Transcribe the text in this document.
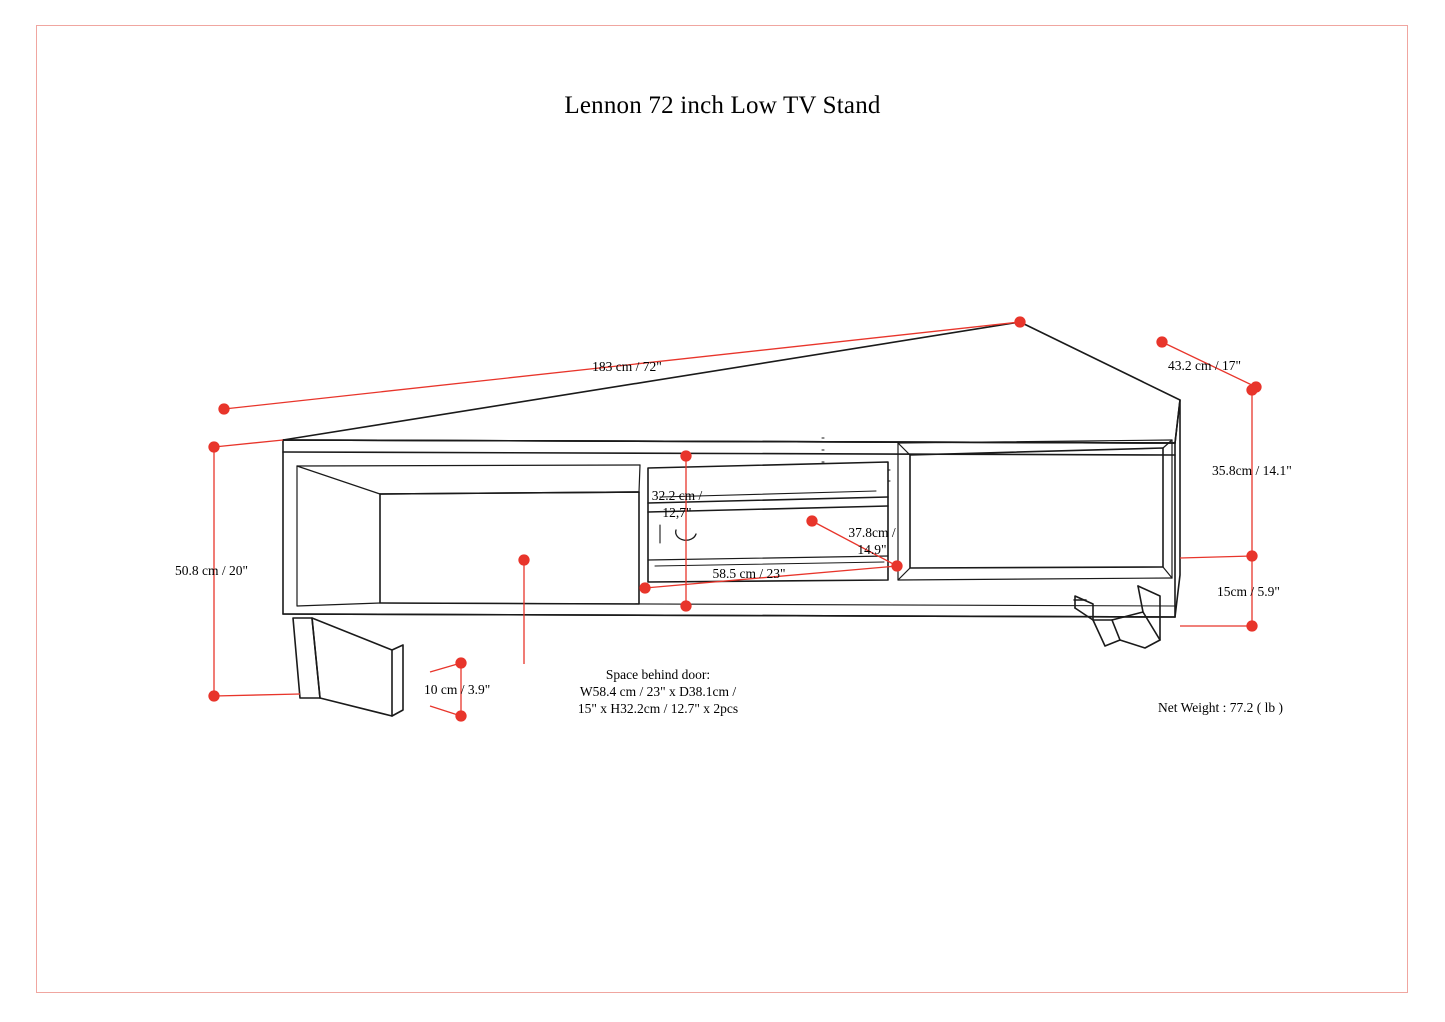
Lennon 72 inch Low TV Stand
183 cm / 72"	43.2 cm / 17"
50.8 cm / 20"
35.8cm / 14.1"
15cm / 5.9"
32.2 cm /
12,7"
37.8cm /
14.9"
58.5 cm / 23"
10 cm / 3.9"
Space behind door:
W58.4 cm / 23" x D38.1cm /
15" x H32.2cm / 12.7" x 2pcs	Net Weight : 77.2 ( lb )
